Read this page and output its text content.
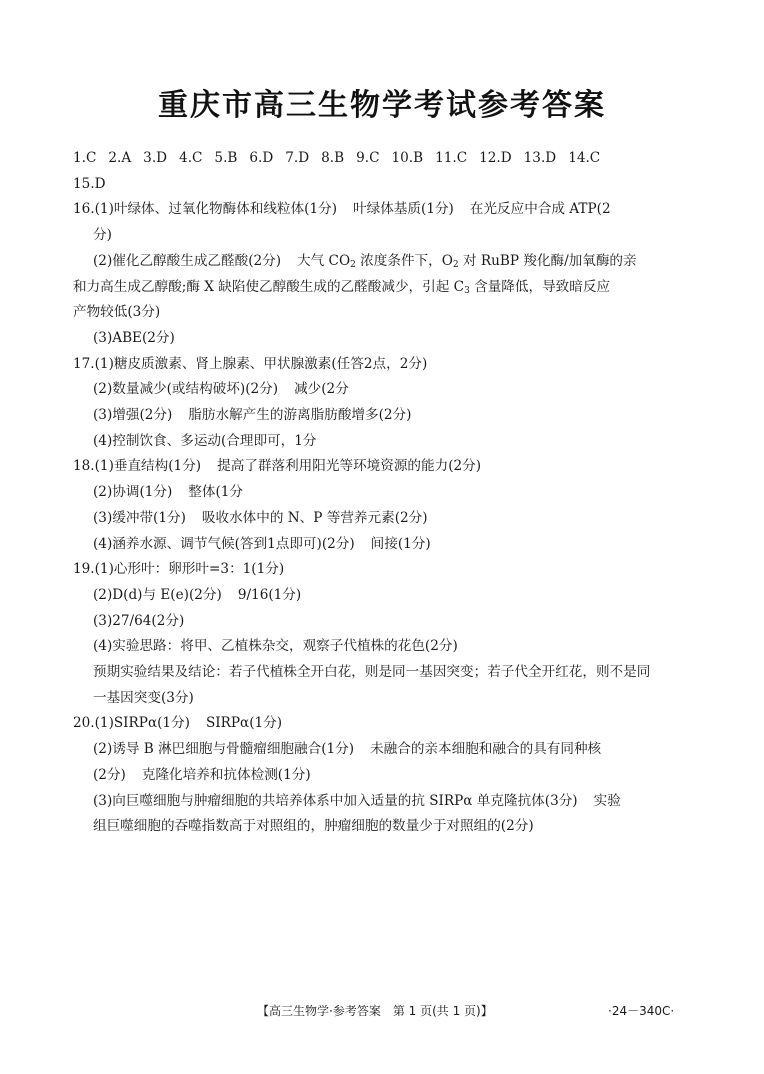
重庆市高三生物学考试参考答案
1.C 2.A 3.D 4.C 5.B 6.D 7.D 8.B 9.C 10.B 11.C 12.D 13.D 14.C
15.D
16.(1)叶绿体、过氧化物酶体和线粒体(1分) 叶绿体基质(1分) 在光反应中合成 ATP(2
分)
(2)催化乙醇酸生成乙醛酸(2分) 大气 $CO_2$ 浓度条件下，$O_2$ 对 RuBP 羧化酶/加氧酶的亲
和力高生成乙醇酸;酶 X 缺陷使乙醇酸生成的乙醛酸减少，引起 $C_3$ 含量降低，导致暗反应
产物较低(3分)
(3)ABE(2分)
17.(1)糖皮质激素、肾上腺素、甲状腺激素(任答2点，2分)
(2)数量减少(或结构破坏)(2分) 减少(2分
(3)增强(2分) 脂肪水解产生的游离脂肪酸增多(2分)
(4)控制饮食、多运动(合理即可，1分
18.(1)垂直结构(1分) 提高了群落利用阳光等环境资源的能力(2分)
(2)协调(1分) 整体(1分
(3)缓冲带(1分) 吸收水体中的 N、P 等营养元素(2分)
(4)涵养水源、调节气候(答到1点即可)(2分) 间接(1分)
19.(1)心形叶：卵形叶=3：1(1分)
(2)D(d)与 E(e)(2分) 9/16(1分)
(3)27/64(2分)
(4)实验思路：将甲、乙植株杂交，观察子代植株的花色(2分)
预期实验结果及结论：若子代植株全开白花，则是同一基因突变；若子代全开红花，则不是同
一基因突变(3分)
20.(1)SIRPα(1分) SIRPα(1分)
(2)诱导 B 淋巴细胞与骨髓瘤细胞融合(1分) 未融合的亲本细胞和融合的具有同种核
(2分) 克隆化培养和抗体检测(1分)
(3)向巨噬细胞与肿瘤细胞的共培养体系中加入适量的抗 SIRPα 单克隆抗体(3分) 实验
组巨噬细胞的吞噬指数高于对照组的，肿瘤细胞的数量少于对照组的(2分)
【高三生物学·参考答案　第 1 页(共 1 页)】	·24－340C·
